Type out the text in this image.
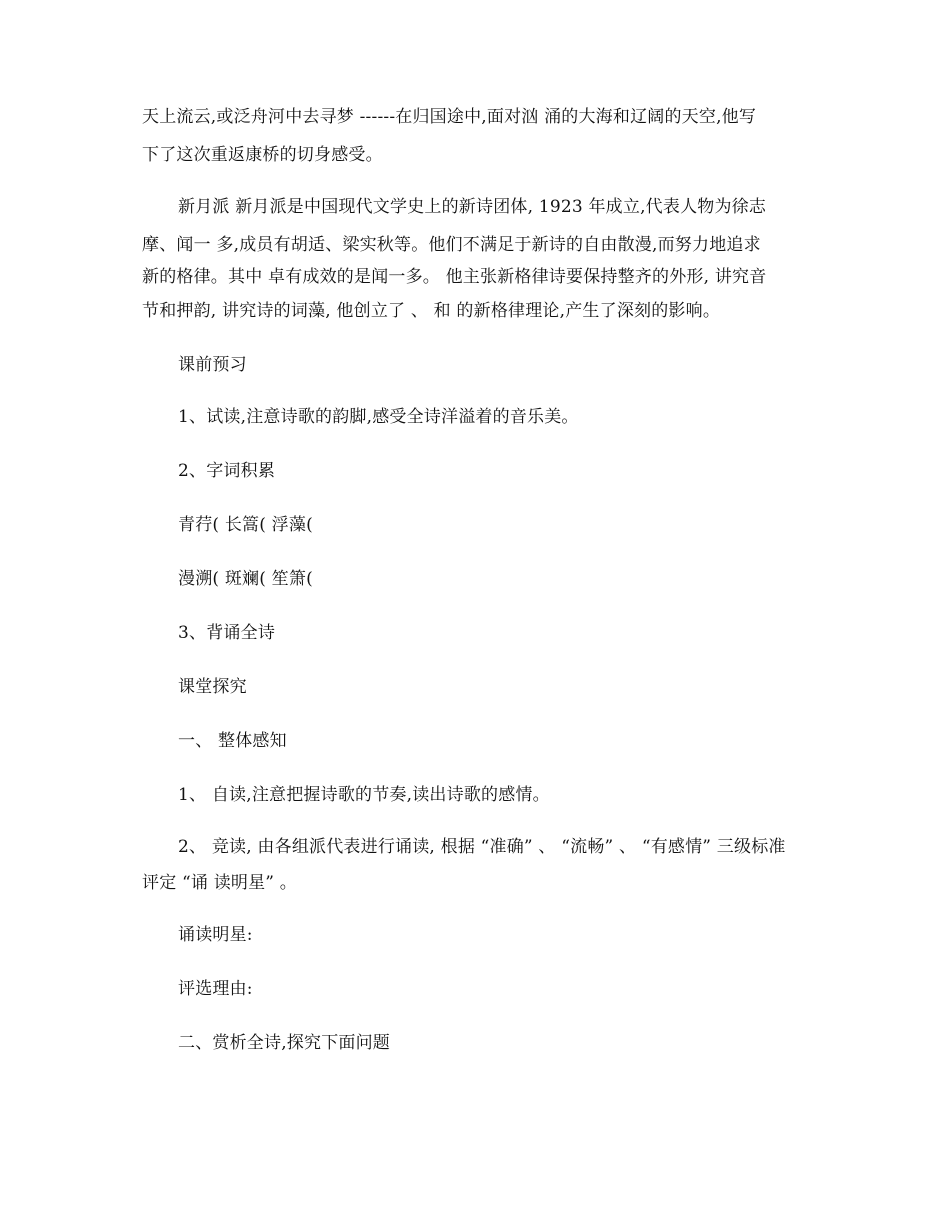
天上流云,或泛舟河中去寻梦 ------在归国途中,面对汹 涌的大海和辽阔的天空,他写
下了这次重返康桥的切身感受。
新月派 新月派是中国现代文学史上的新诗团体, 1923 年成立,代表人物为徐志
摩、闻一 多,成员有胡适、梁实秋等。他们不满足于新诗的自由散漫,而努力地追求
新的格律。其中 卓有成效的是闻一多。 他主张新格律诗要保持整齐的外形, 讲究音
节和押韵, 讲究诗的词藻, 他创立了 、 和 的新格律理论,产生了深刻的影响。
课前预习
1、试读,注意诗歌的韵脚,感受全诗洋溢着的音乐美。
2、字词积累
青荇( 长篙( 浮藻(
漫溯( 斑斓( 笙箫(
3、背诵全诗
课堂探究
一、 整体感知
1、 自读,注意把握诗歌的节奏,读出诗歌的感情。
2、 竞读, 由各组派代表进行诵读, 根据 “准确” 、 “流畅” 、 “有感情” 三级标准
评定 “诵 读明星” 。
诵读明星:
评选理由:
二、赏析全诗,探究下面问题
